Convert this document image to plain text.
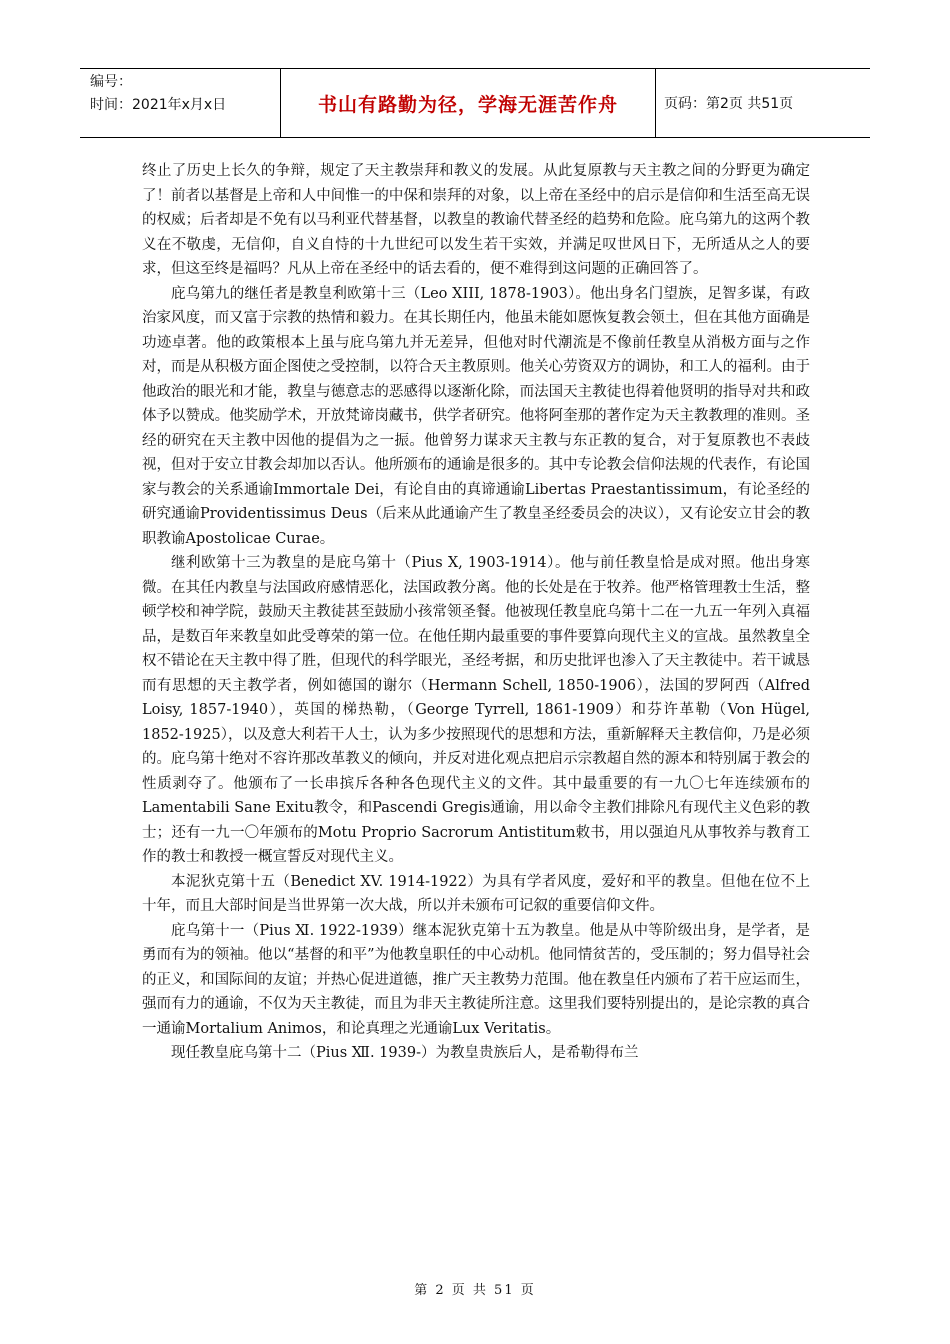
编号：
时间：2021年x月x日	书山有路勤为径，学海无涯苦作舟	页码：第2页 共51页

终止了历史上长久的争辩，规定了天主教崇拜和教义的发展。从此复原教与天主教之间的分野更为确定了！前者以基督是上帝和人中间惟一的中保和崇拜的对象，以上帝在圣经中的启示是信仰和生活至高无误的权威；后者却是不免有以马利亚代替基督，以教皇的教谕代替圣经的趋势和危险。庇乌第九的这两个教义在不敬虔，无信仰，自义自恃的十九世纪可以发生若干实效，并满足叹世风日下，无所适从之人的要求，但这至终是福吗？凡从上帝在圣经中的话去看的，便不难得到这问题的正确回答了。

庇乌第九的继任者是教皇利欧第十三（Leo XIII, 1878-1903）。他出身名门望族，足智多谋，有政治家风度，而又富于宗教的热情和毅力。在其长期任内，他虽未能如愿恢复教会领土，但在其他方面确是功迹卓著。他的政策根本上虽与庇乌第九并无差异，但他对时代潮流是不像前任教皇从消极方面与之作对，而是从积极方面企图使之受控制，以符合天主教原则。他关心劳资双方的调协，和工人的福利。由于他政治的眼光和才能，教皇与德意志的恶感得以逐渐化除，而法国天主教徒也得着他贤明的指导对共和政体予以赞成。他奖励学术，开放梵谛岗藏书，供学者研究。他将阿奎那的著作定为天主教教理的准则。圣经的研究在天主教中因他的提倡为之一振。他曾努力谋求天主教与东正教的复合，对于复原教也不表歧视，但对于安立甘教会却加以否认。他所颁布的通谕是很多的。其中专论教会信仰法规的代表作，有论国家与教会的关系通谕Immortale Dei，有论自由的真谛通谕Libertas Praestantissimum，有论圣经的研究通谕Providentissimus Deus（后来从此通谕产生了教皇圣经委员会的决议），又有论安立甘会的教职教谕Apostolicae Curae。

继利欧第十三为教皇的是庇乌第十（Pius X, 1903-1914）。他与前任教皇恰是成对照。他出身寒微。在其任内教皇与法国政府感情恶化，法国政教分离。他的长处是在于牧养。他严格管理教士生活，整顿学校和神学院，鼓励天主教徒甚至鼓励小孩常领圣餐。他被现任教皇庇乌第十二在一九五一年列入真福品，是数百年来教皇如此受尊荣的第一位。在他任期内最重要的事件要算向现代主义的宣战。虽然教皇全权不错论在天主教中得了胜，但现代的科学眼光，圣经考据，和历史批评也渗入了天主教徒中。若干诚恳而有思想的天主教学者，例如德国的谢尔（Hermann Schell, 1850-1906），法国的罗阿西（Alfred Loisy, 1857-1940），英国的梯热勒，（George Tyrrell, 1861-1909）和芬许革勒（Von Hügel, 1852-1925），以及意大利若干人士，认为多少按照现代的思想和方法，重新解释天主教信仰，乃是必须的。庇乌第十绝对不容许那改革教义的倾向，并反对进化观点把启示宗教超自然的源本和特别属于教会的性质剥夺了。他颁布了一长串摈斥各种各色现代主义的文件。其中最重要的有一九〇七年连续颁布的Lamentabili Sane Exitu教令，和Pascendi Gregis通谕，用以命令主教们排除凡有现代主义色彩的教士；还有一九一〇年颁布的Motu Proprio Sacrorum Antistitum敕书，用以强迫凡从事牧养与教育工作的教士和教授一概宣誓反对现代主义。

本泥狄克第十五（Benedict XV. 1914-1922）为具有学者风度，爱好和平的教皇。但他在位不上十年，而且大部时间是当世界第一次大战，所以并未颁布可记叙的重要信仰文件。

庇乌第十一（Pius Ⅺ. 1922-1939）继本泥狄克第十五为教皇。他是从中等阶级出身，是学者，是勇而有为的领袖。他以“基督的和平”为他教皇职任的中心动机。他同情贫苦的，受压制的；努力倡导社会的正义，和国际间的友谊；并热心促进道德，推广天主教势力范围。他在教皇任内颁布了若干应运而生，强而有力的通谕，不仅为天主教徒，而且为非天主教徒所注意。这里我们要特别提出的，是论宗教的真合一通谕Mortalium Animos，和论真理之光通谕Lux Veritatis。

现任教皇庇乌第十二（Pius Ⅻ. 1939-）为教皇贵族后人，是希勒得布兰

第 2 页 共 51 页
